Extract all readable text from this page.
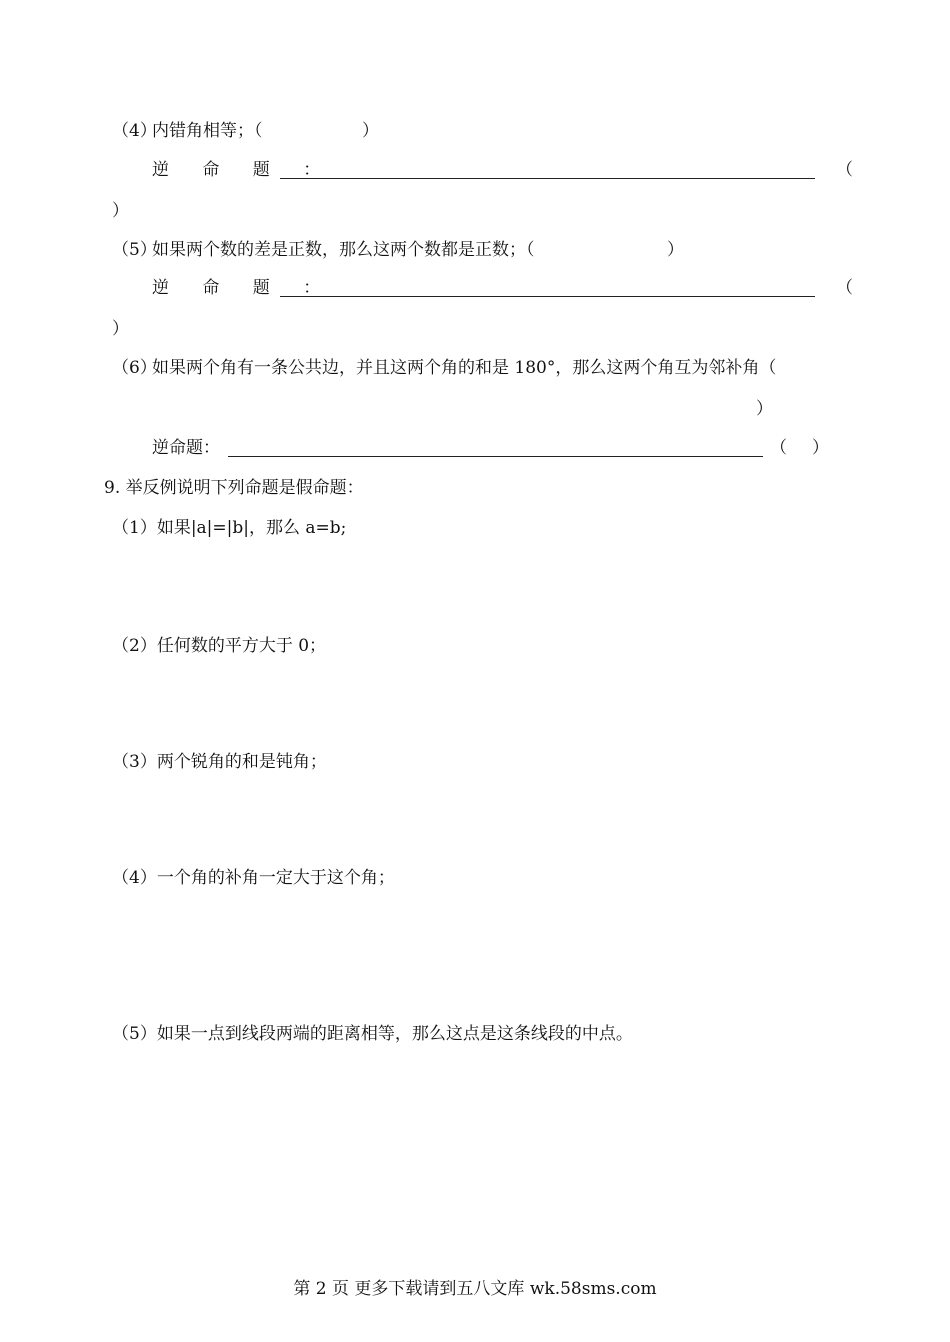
（4）
内错角相等；（	）
逆 命 题 ：	（
）
（5）
如果两个数的差是正数，那么这两个数都是正数；（	）
逆 命 题 ：	（
）
（6）
如果两个角有一条公共边，并且这两个角的和是 180°，那么这两个角互为邻补角（
）
逆命题：	（ ）
9. 举反例说明下列命题是假命题：
（1）如果|a|=|b|，那么 a=b;
（2）任何数的平方大于 0；
（3）两个锐角的和是钝角；
（4）一个角的补角一定大于这个角；
（5）如果一点到线段两端的距离相等，那么这点是这条线段的中点。
第 2 页 更多下载请到五八文库 wk.58sms.com
